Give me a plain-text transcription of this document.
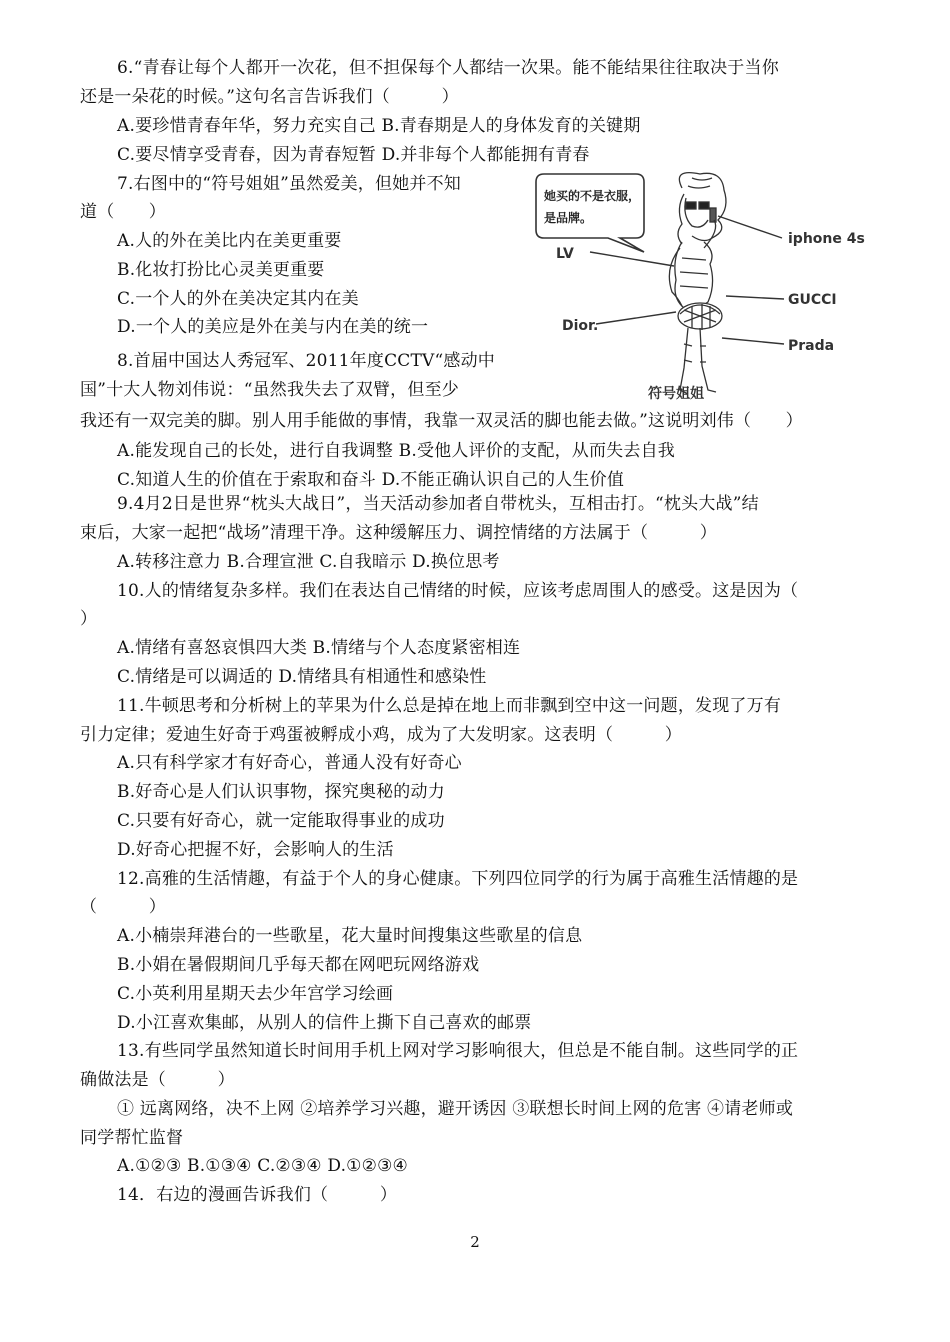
6.“青春让每个人都开一次花，但不担保每个人都结一次果。能不能结果往往取决于当你
还是一朵花的时候。”这句名言告诉我们（　　　）
A.要珍惜青春年华，努力充实自己 B.青春期是人的身体发育的关键期
C.要尽情享受青春，因为青春短暂 D.并非每个人都能拥有青春
7.右图中的“符号姐姐”虽然爱美，但她并不知
道（　　）
A.人的外在美比内在美更重要
B.化妆打扮比心灵美更重要
C.一个人的外在美决定其内在美
D.一个人的美应是外在美与内在美的统一
8.首届中国达人秀冠军、2011年度CCTV“感动中
国”十大人物刘伟说：“虽然我失去了双臂，但至少
我还有一双完美的脚。别人用手能做的事情，我靠一双灵活的脚也能去做。”这说明刘伟（　　）
A.能发现自己的长处，进行自我调整 B.受他人评价的支配，从而失去自我
C.知道人生的价值在于索取和奋斗 D.不能正确认识自己的人生价值
9.4月2日是世界“枕头大战日”，当天活动参加者自带枕头，互相击打。“枕头大战”结
束后，大家一起把“战场”清理干净。这种缓解压力、调控情绪的方法属于（　　　）
A.转移注意力 B.合理宣泄 C.自我暗示 D.换位思考
10.人的情绪复杂多样。我们在表达自己情绪的时候，应该考虑周围人的感受。这是因为（
）
A.情绪有喜怒哀惧四大类 B.情绪与个人态度紧密相连
C.情绪是可以调适的 D.情绪具有相通性和感染性
11.牛顿思考和分析树上的苹果为什么总是掉在地上而非飘到空中这一问题，发现了万有
引力定律；爱迪生好奇于鸡蛋被孵成小鸡，成为了大发明家。这表明（　　　）
A.只有科学家才有好奇心，普通人没有好奇心
B.好奇心是人们认识事物，探究奥秘的动力
C.只要有好奇心，就一定能取得事业的成功
D.好奇心把握不好，会影响人的生活
12.高雅的生活情趣，有益于个人的身心健康。下列四位同学的行为属于高雅生活情趣的是
（　　　）
A.小楠崇拜港台的一些歌星，花大量时间搜集这些歌星的信息
B.小娟在暑假期间几乎每天都在网吧玩网络游戏
C.小英利用星期天去少年宫学习绘画
D.小江喜欢集邮，从别人的信件上撕下自己喜欢的邮票
13.有些同学虽然知道长时间用手机上网对学习影响很大，但总是不能自制。这些同学的正
确做法是（　　　）
① 远离网络，决不上网 ②培养学习兴趣，避开诱因 ③联想长时间上网的危害 ④请老师或
同学帮忙监督
A.①②③ B.①③④ C.②③④ D.①②③④
14．右边的漫画告诉我们（　　　）
她买的不是衣服，
是品牌。
LV
iphone 4s
GUCCI
Dior.
Prada
符号姐姐
2
